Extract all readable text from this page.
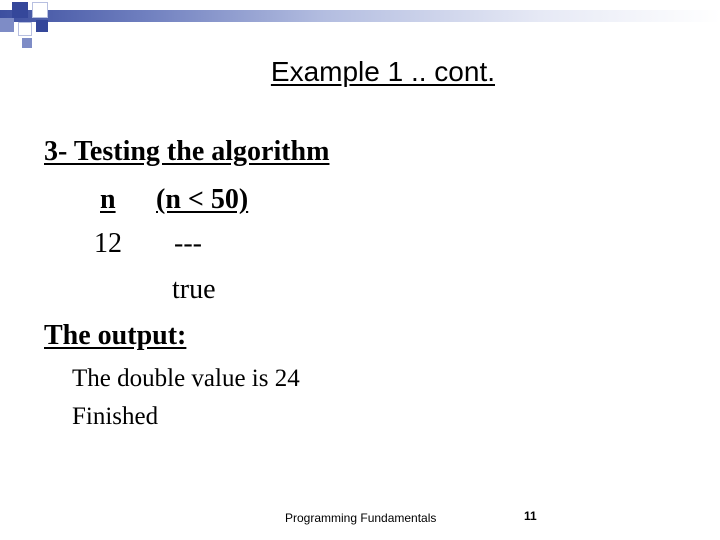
Example 1 .. cont.
3- Testing the algorithm
n (n < 50)
12 ---
true
The output:
The double value is 24
Finished
Programming Fundamentals	11
